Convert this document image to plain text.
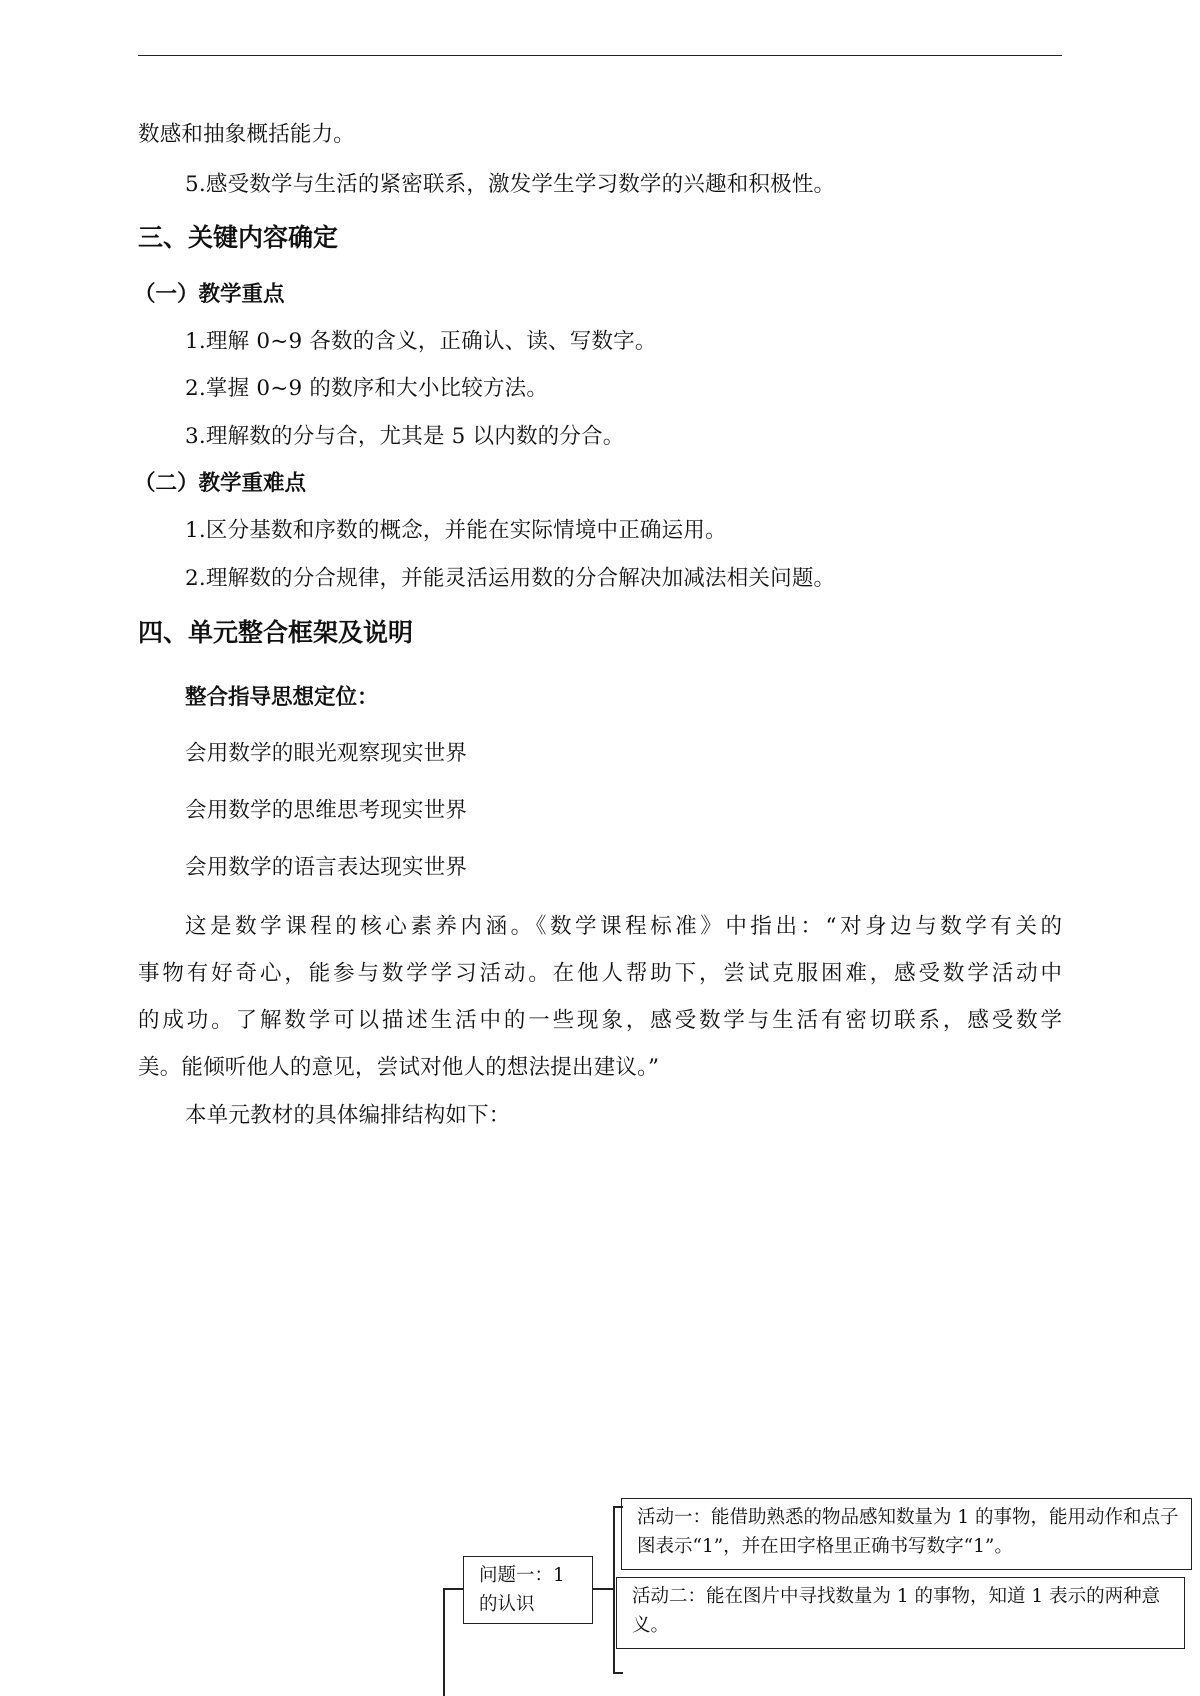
数感和抽象概括能力。
5.感受数学与生活的紧密联系，激发学生学习数学的兴趣和积极性。
三、关键内容确定
（一）教学重点
1.理解 0~9 各数的含义，正确认、读、写数字。
2.掌握 0~9 的数序和大小比较方法。
3.理解数的分与合，尤其是 5 以内数的分合。
（二）教学重难点
1.区分基数和序数的概念，并能在实际情境中正确运用。
2.理解数的分合规律，并能灵活运用数的分合解决加减法相关问题。
四、单元整合框架及说明
整合指导思想定位：
会用数学的眼光观察现实世界
会用数学的思维思考现实世界
会用数学的语言表达现实世界
这是数学课程的核心素养内涵。《数学课程标准》中指出：“对身边与数学有关的
事物有好奇心，能参与数学学习活动。在他人帮助下，尝试克服困难，感受数学活动中
的成功。了解数学可以描述生活中的一些现象，感受数学与生活有密切联系，感受数学
美。能倾听他人的意见，尝试对他人的想法提出建议。”
本单元教材的具体编排结构如下：
问题一：1 的认识
活动一：能借助熟悉的物品感知数量为 1 的事物，能用动作和点子图表示“1”，并在田字格里正确书写数字“1”。
活动二：能在图片中寻找数量为 1 的事物，知道 1 表示的两种意义。
